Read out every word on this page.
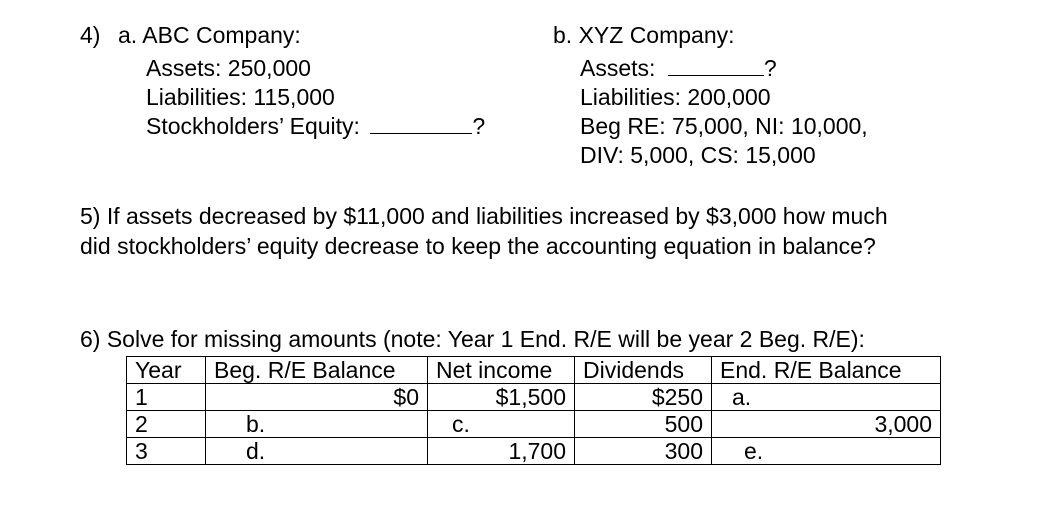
4) a. ABC Company:
Assets: 250,000
Liabilities: 115,000
Stockholders’ Equity:	?
b. XYZ Company:
Assets:	?
Liabilities: 200,000
Beg RE: 75,000, NI: 10,000,
DIV: 5,000, CS: 15,000
5) If assets decreased by $11,000 and liabilities increased by $3,000 how much
did stockholders’ equity decrease to keep the accounting equation in balance?
6) Solve for missing amounts (note: Year 1 End. R/E will be year 2 Beg. R/E):
Year	Beg. R/E Balance	Net income	Dividends	End. R/E Balance
1	$0	$1,500	$250	a.
2	b.	c.	500	3,000
3	d.	1,700	300	e.
